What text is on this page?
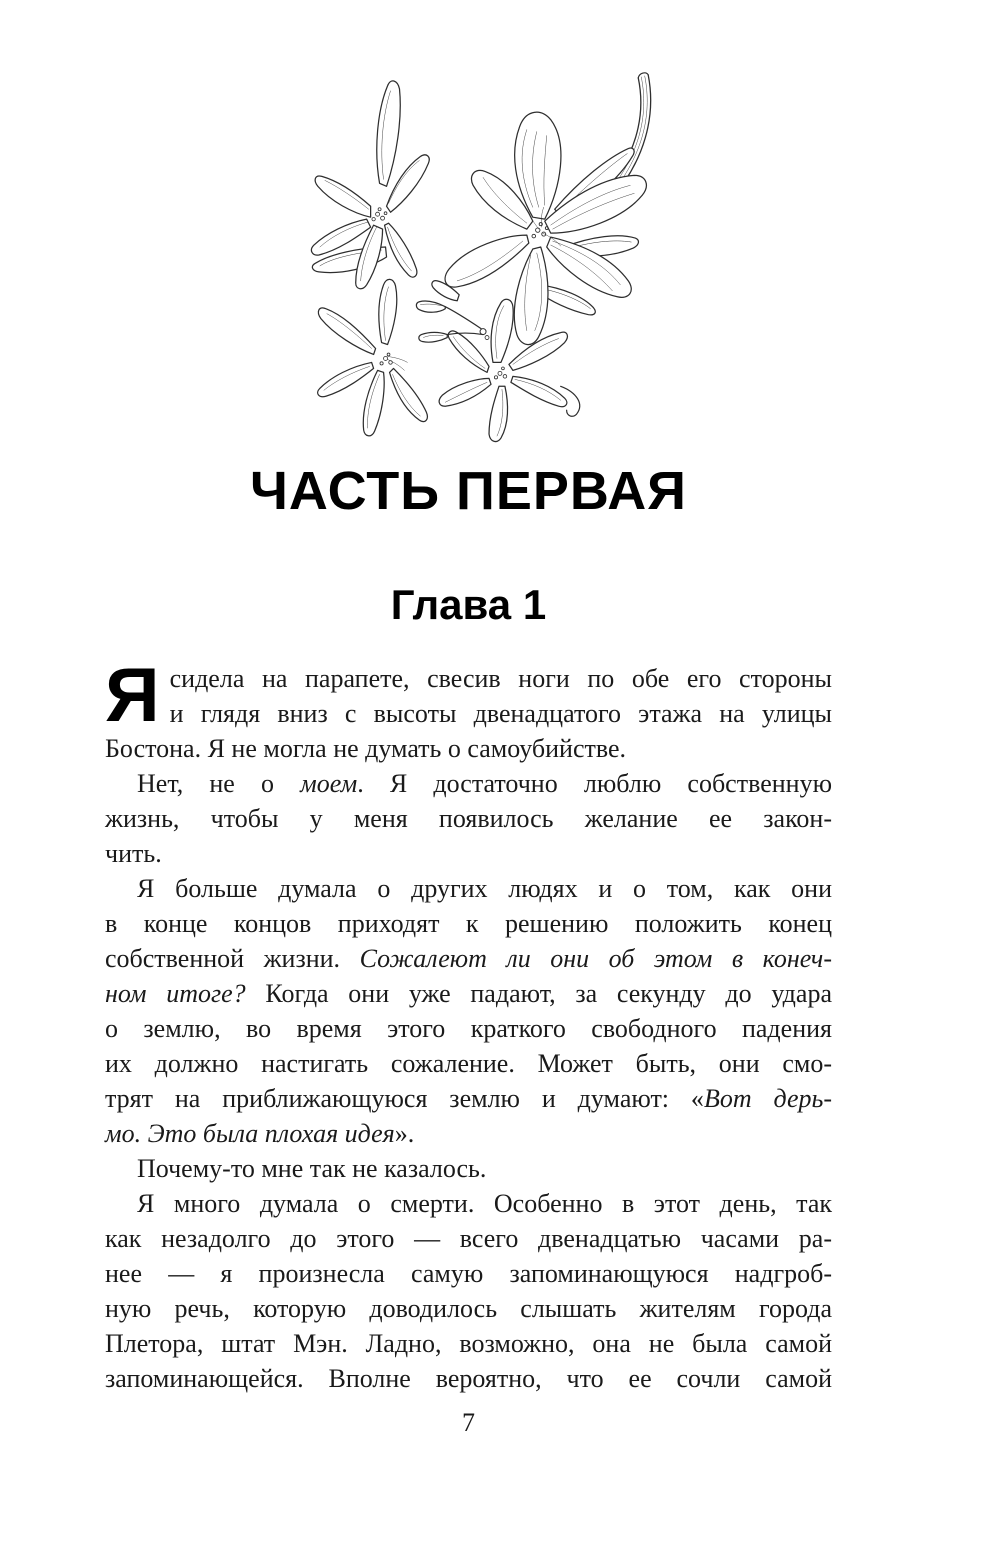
ЧАСТЬ ПЕРВАЯ
Глава 1
Я сидела на парапете, свесив ноги по обе его стороны
и глядя вниз с высоты двенадцатого этажа на улицы
Бостона. Я не могла не думать о самоубийстве.
Нет, не о моем. Я достаточно люблю собственную
жизнь, чтобы у меня появилось желание ее закон-
чить.
Я больше думала о других людях и о том, как они
в конце концов приходят к решению положить конец
собственной жизни. Сожалеют ли они об этом в конеч-
ном итоге? Когда они уже падают, за секунду до удара
о землю, во время этого краткого свободного падения
их должно настигать сожаление. Может быть, они смо-
трят на приближающуюся землю и думают: «Вот дерь-
мо. Это была плохая идея».
Почему-то мне так не казалось.
Я много думала о смерти. Особенно в этот день, так
как незадолго до этого — всего двенадцатью часами ра-
нее — я произнесла самую запоминающуюся надгроб-
ную речь, которую доводилось слышать жителям города
Плетора, штат Мэн. Ладно, возможно, она не была самой
запоминающейся. Вполне вероятно, что ее сочли самой
7
